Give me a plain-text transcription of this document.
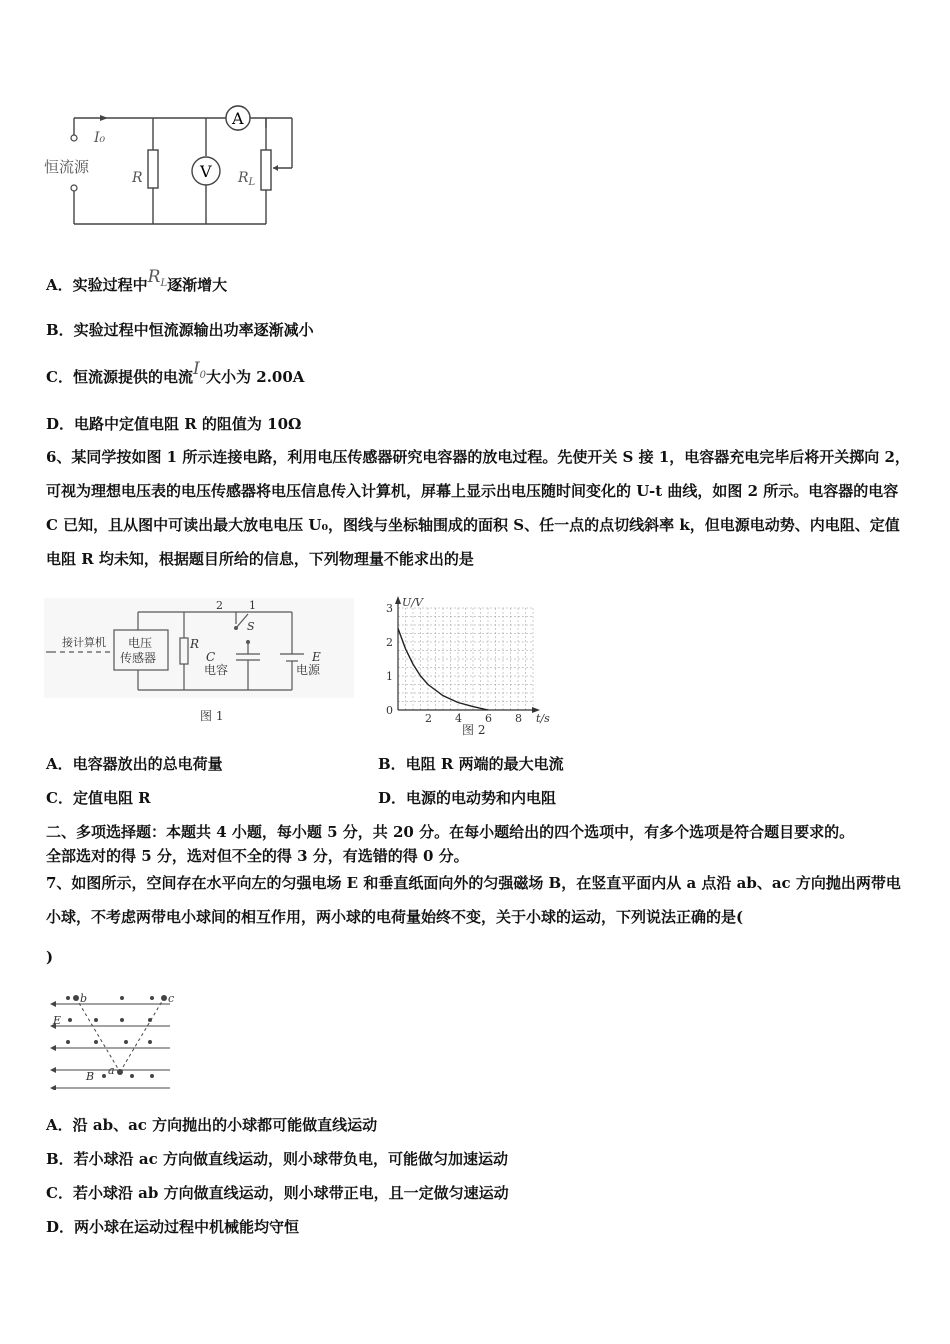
A
V
I₀
恒流源
R	$R_L$
A．实验过程中$R^L$逐渐增大
B．实验过程中恒流源输出功率逐渐减小
C．恒流源提供的电流$I^0$大小为 2.00A
D．电路中定值电阻 R 的阻值为 10Ω
6、某同学按如图 1 所示连接电路，利用电压传感器研究电容器的放电过程。先使开关 S 接 1，电容器充电完毕后将开关掷向 2，可视为理想电压表的电压传感器将电压信息传入计算机，屏幕上显示出电压随时间变化的 U-t 曲线，如图 2 所示。电容器的电容 C 已知，且从图中可读出最大放电电压 U₀，图线与坐标轴围成的面积 S、任一点的点切线斜率 k，但电源电动势、内电阻、定值电阻 R 均未知，根据题目所给的信息，下列物理量不能求出的是
接计算机 电压
传感器
R
2 1
S
C
电容
E
电源
图 1	0
1
2
3
2 4 6 8
U/V
t/s
图 2
A．电容器放出的总电荷量	B．电阻 R 两端的最大电流
C．定值电阻 R	D．电源的电动势和内电阻
二、多项选择题：本题共 4 小题，每小题 5 分，共 20 分。在每小题给出的四个选项中，有多个选项是符合题目要求的。
全部选对的得 5 分，选对但不全的得 3 分，有选错的得 0 分。
7、如图所示，空间存在水平向左的匀强电场 E 和垂直纸面向外的匀强磁场 B，在竖直平面内从 a 点沿 ab、ac 方向抛出两带电小球，不考虑两带电小球间的相互作用，两小球的电荷量始终不变，关于小球的运动，下列说法正确的是(
)
b	c
a
E
B
A．沿 ab、ac 方向抛出的小球都可能做直线运动
B．若小球沿 ac 方向做直线运动，则小球带负电，可能做匀加速运动
C．若小球沿 ab 方向做直线运动，则小球带正电，且一定做匀速运动
D．两小球在运动过程中机械能均守恒
